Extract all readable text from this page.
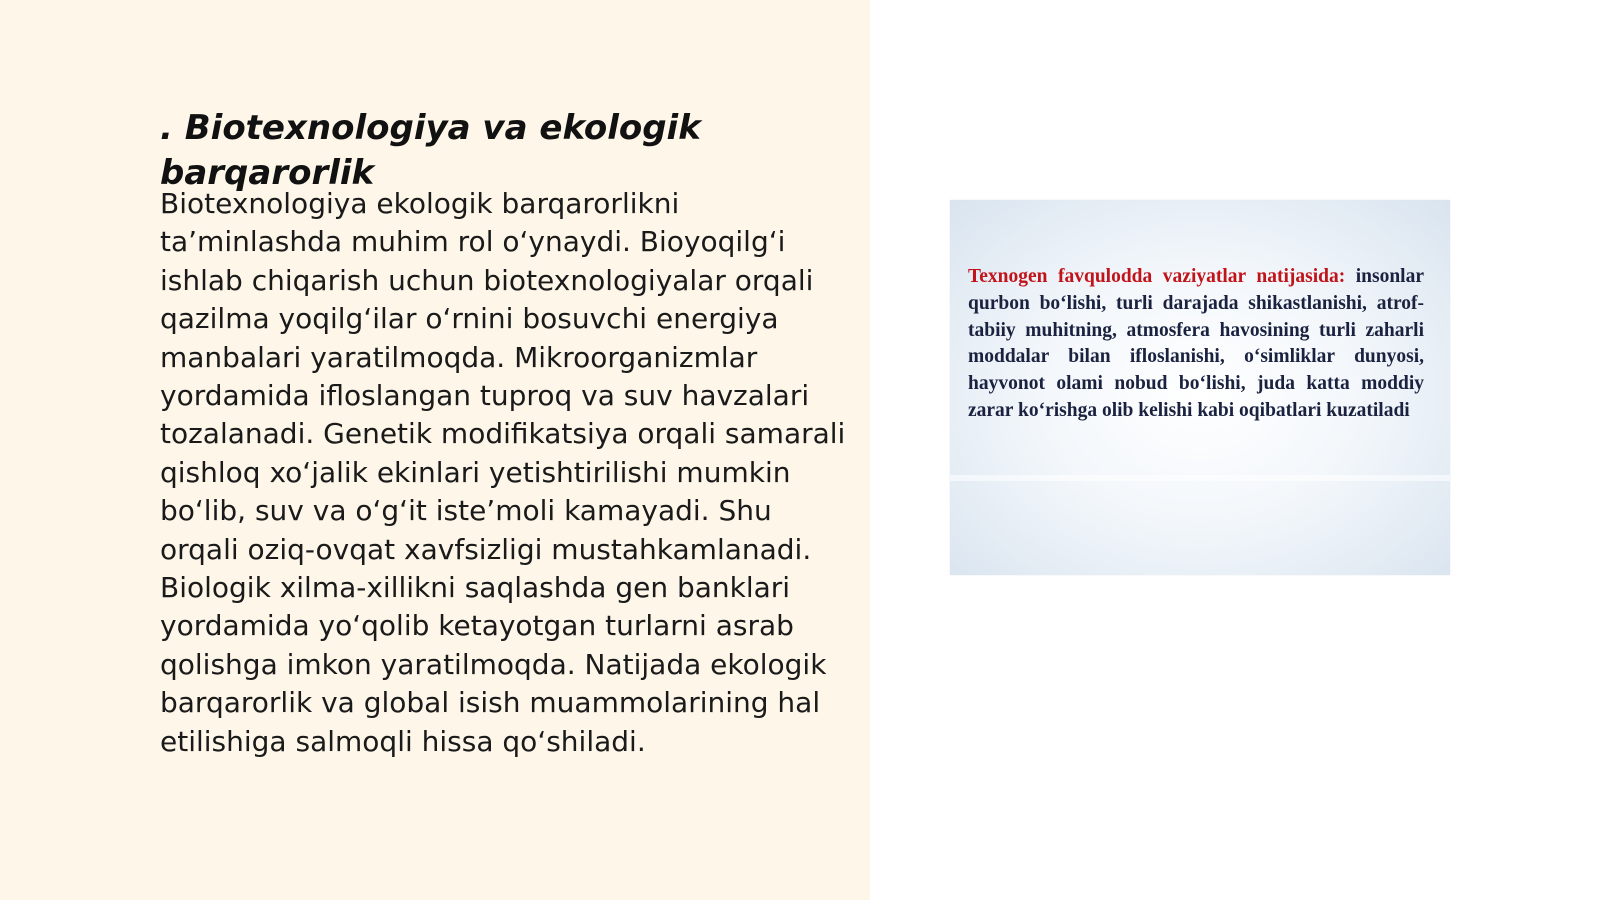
. Biotexnologiya va ekologik barqarorlik

Biotexnologiya ekologik barqarorlikni ta’minlashda muhim rol o‘ynaydi. Bioyoqilg‘i ishlab chiqarish uchun biotexnologiyalar orqali qazilma yoqilg‘ilar o‘rnini bosuvchi energiya manbalari yaratilmoqda. Mikroorganizmlar yordamida ifloslangan tuproq va suv havzalari tozalanadi. Genetik modifikatsiya orqali samarali qishloq xo‘jalik ekinlari yetishtirilishi mumkin bo‘lib, suv va o‘g‘it iste’moli kamayadi. Shu orqali oziq-ovqat xavfsizligi mustahkamlanadi. Biologik xilma-xillikni saqlashda gen banklari yordamida yo‘qolib ketayotgan turlarni asrab qolishga imkon yaratilmoqda. Natijada ekologik barqarorlik va global isish muammolarining hal etilishiga salmoqli hissa qo‘shiladi.

Texnogen favqulodda vaziyatlar natijasida: insonlar qurbon bo‘lishi, turli darajada shikastlanishi, atrof-tabiiy muhitning, atmosfera havosining turli zaharli moddalar bilan ifloslanishi, o‘simliklar dunyosi, hayvonot olami nobud bo‘lishi, juda katta moddiy zarar ko‘rishga olib kelishi kabi oqibatlari kuzatiladi
